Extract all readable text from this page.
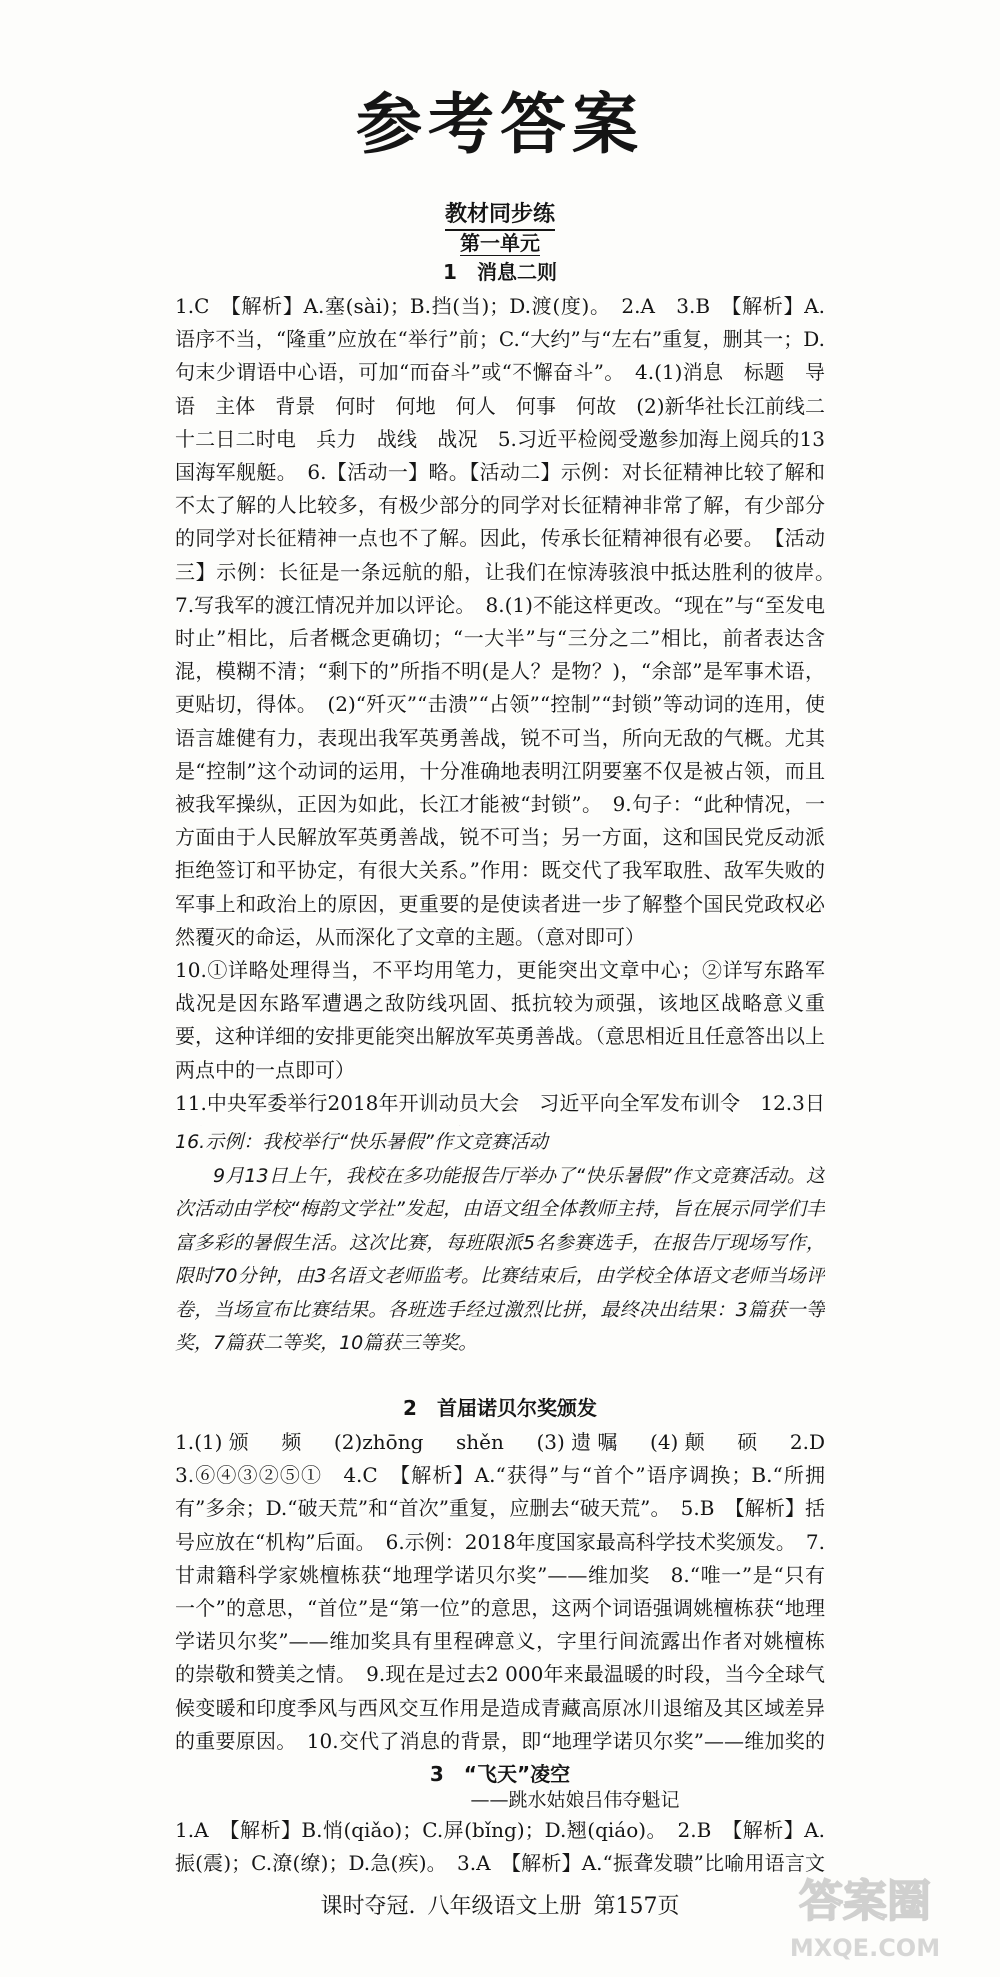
参考答案
教材同步练
第一单元
1　消息二则

1.C　【解析】A.塞(sài)；B.挡(当)；D.渡(度)。　2.A　3.B　【解析】A.语序不当，“隆重”应放在“举行”前；C.“大约”与“左右”重复，删其一；D.句末少谓语中心语，可加“而奋斗”或“不懈奋斗”。　4.(1)消息　标题　导语　主体　背景　何时　何地　何人　何事　何故　(2)新华社长江前线二十二日二时电　兵力　战线　战况　5.习近平检阅受邀参加海上阅兵的13国海军舰艇。　6.【活动一】略。【活动二】示例：对长征精神比较了解和不太了解的人比较多，有极少部分的同学对长征精神非常了解，有少部分的同学对长征精神一点也不了解。因此，传承长征精神很有必要。　【活动三】示例：长征是一条远航的船，让我们在惊涛骇浪中抵达胜利的彼岸。　7.写我军的渡江情况并加以评论。　8.(1)不能这样更改。“现在”与“至发电时止”相比，后者概念更确切；“一大半”与“三分之二”相比，前者表达含混，模糊不清；“剩下的”所指不明(是人？是物？)，“余部”是军事术语，更贴切，得体。　(2)“歼灭”“击溃”“占领”“控制”“封锁”等动词的连用，使语言雄健有力，表现出我军英勇善战，锐不可当，所向无敌的气概。尤其是“控制”这个动词的运用，十分准确地表明江阴要塞不仅是被占领，而且被我军操纵，正因为如此，长江才能被“封锁”。　9.句子：“此种情况，一方面由于人民解放军英勇善战，锐不可当；另一方面，这和国民党反动派拒绝签订和平协定，有很大关系。”作用：既交代了我军取胜、敌军失败的军事上和政治上的原因，更重要的是使读者进一步了解整个国民党政权必然覆灭的命运，从而深化了文章的主题。（意对即可）

10.①详略处理得当，不平均用笔力，更能突出文章中心；②详写东路军战况是因东路军遭遇之敌防线巩固、抵抗较为顽强，该地区战略意义重要，这种详细的安排更能突出解放军英勇善战。（意思相近且任意答出以上两点中的一点即可）

11.中央军委举行2018年开训动员大会　习近平向全军发布训令　12.3日　　　　

16.示例：我校举行“快乐暑假”作文竞赛活动

9月13日上午，我校在多功能报告厅举办了“快乐暑假”作文竞赛活动。这次活动由学校“梅韵文学社”发起，由语文组全体教师主持，旨在展示同学们丰富多彩的暑假生活。这次比赛，每班限派5名参赛选手，在报告厅现场写作，限时70分钟，由3名语文老师监考。比赛结束后，由学校全体语文老师当场评卷，当场宣布比赛结果。各班选手经过激烈比拼，最终决出结果：3篇获一等奖，7篇获二等奖，10篇获三等奖。

2　首届诺贝尔奖颁发

1.(1)颁　频　(2)zhōng　shěn　(3)遗嘱　(4)颠　硕　2.D　3.⑥④③②⑤①　4.C　【解析】A.“获得”与“首个”语序调换；B.“所拥有”多余；D.“破天荒”和“首次”重复，应删去“破天荒”。　5.B　【解析】括号应放在“机构”后面。　6.示例：2018年度国家最高科学技术奖颁发。　7.甘肃籍科学家姚檀栋获“地理学诺贝尔奖”——维加奖　8.“唯一”是“只有一个”的意思，“首位”是“第一位”的意思，这两个词语强调姚檀栋获“地理学诺贝尔奖”——维加奖具有里程碑意义，字里行间流露出作者对姚檀栋的崇敬和赞美之情。　9.现在是过去2 000年来最温暖的时段，当今全球气候变暖和印度季风与西风交互作用是造成青藏高原冰川退缩及其区域差异的重要原因。　10.交代了消息的背景，即“地理学诺贝尔奖”——维加奖的

3　“飞天”凌空
——跳水姑娘吕伟夺魁记

1.A　【解析】B.悄(qiǎo)；C.屏(bǐng)；D.翘(qiáo)。　2.B　【解析】A.振(震)；C.潦(缭)；D.急(疾)。　3.A　【解析】A.“振聋发聩”比喻用语言文　　　　　

课时夺冠. 八年级语文上册 第157页	答案圈
MXQE.COM
